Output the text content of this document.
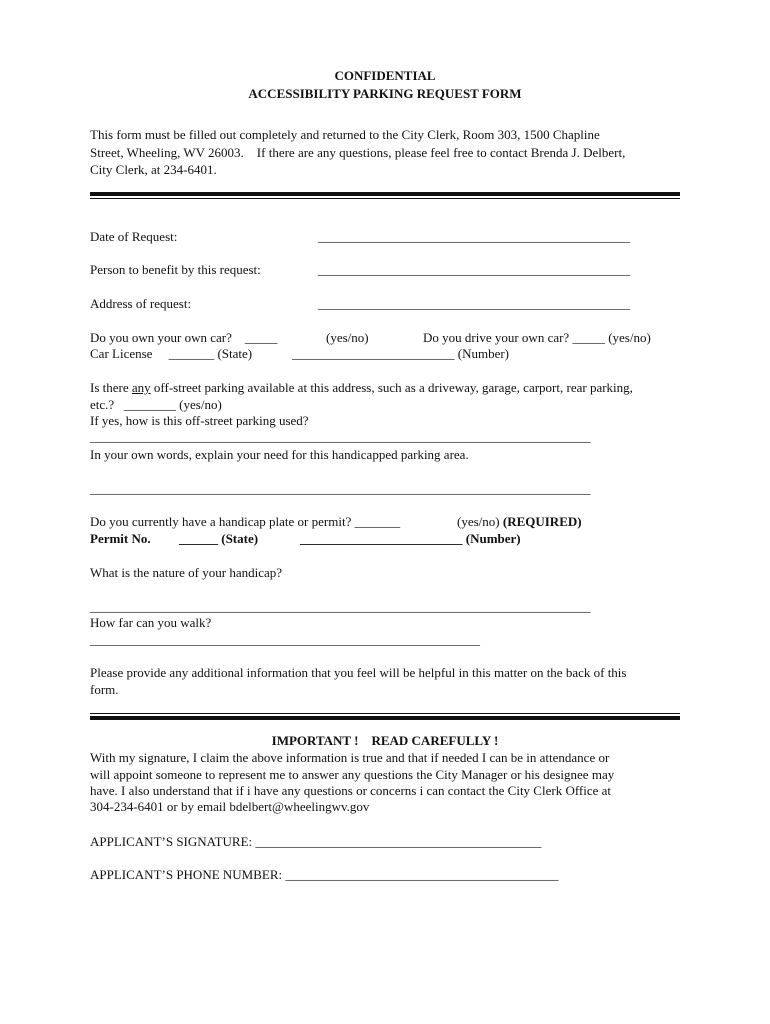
CONFIDENTIAL
ACCESSIBILITY PARKING REQUEST FORM
This form must be filled out completely and returned to the City Clerk, Room 303, 1500 Chapline
Street, Wheeling, WV 26003.    If there are any questions, please feel free to contact Brenda J. Delbert,
City Clerk, at 234-6401.
Date of Request:	________________________________________________
Person to benefit by this request:	________________________________________________
Address of request:	________________________________________________
Do you own your own car?    _____	(yes/no)	Do you drive your own car? _____ (yes/no)
Car License     _______ (State)	_________________________ (Number)
Is there any off-street parking available at this address, such as a driveway, garage, carport, rear parking,
etc.?   ________ (yes/no)
If yes, how is this off-street parking used?
_____________________________________________________________________________
In your own words, explain your need for this handicapped parking area.
_____________________________________________________________________________
Do you currently have a handicap plate or permit? _______	(yes/no) (REQUIRED)
Permit No. ______ (State)	_________________________ (Number)
What is the nature of your handicap?
_____________________________________________________________________________
How far can you walk?
____________________________________________________________
Please provide any additional information that you feel will be helpful in this matter on the back of this
form.
IMPORTANT !    READ CAREFULLY !
With my signature, I claim the above information is true and that if needed I can be in attendance or
will appoint someone to represent me to answer any questions the City Manager or his designee may
have. I also understand that if i have any questions or concerns i can contact the City Clerk Office at
304-234-6401 or by email bdelbert@wheelingwv.gov
APPLICANT’S SIGNATURE: ____________________________________________
APPLICANT’S PHONE NUMBER: __________________________________________
